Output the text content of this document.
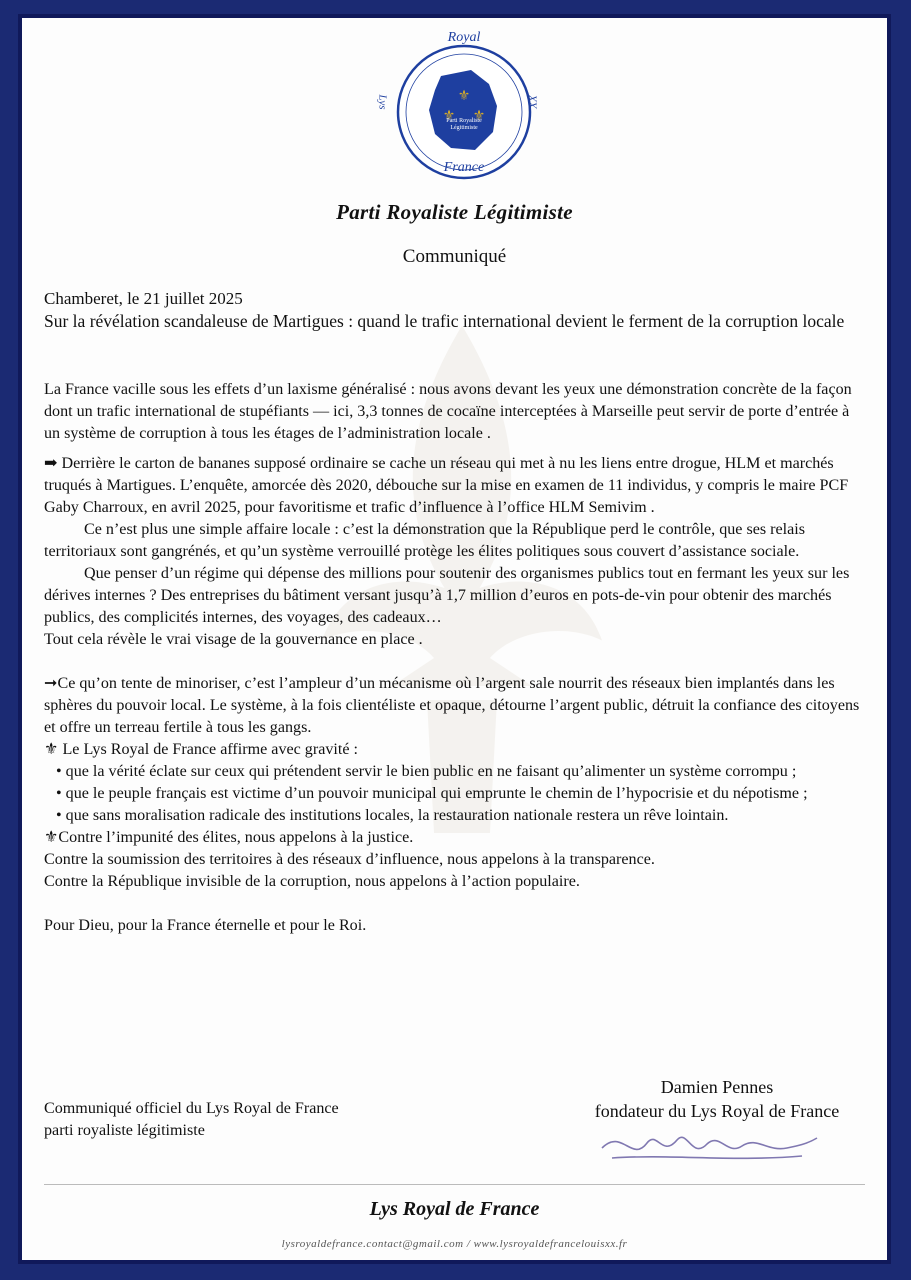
⚜
⚜ ⚜
Royal
France
Lys	XX
Parti Royaliste Légitimiste
Parti Royaliste Légitimiste
Communiqué

Chamberet, le 21 juillet 2025

Sur la révélation scandaleuse de Martigues : quand le trafic international devient le ferment de la corruption locale

La France vacille sous les effets d’un laxisme généralisé : nous avons devant les yeux une démonstration concrète de la façon dont un trafic international de stupéfiants — ici, 3,3 tonnes de cocaïne interceptées à Marseille peut servir de porte d’entrée à un système de corruption à tous les étages de l’administration locale .

➡ Derrière le carton de bananes supposé ordinaire se cache un réseau qui met à nu les liens entre drogue, HLM et marchés truqués à Martigues. L’enquête, amorcée dès 2020, débouche sur la mise en examen de 11 individus, y compris le maire PCF Gaby Charroux, en avril 2025, pour favoritisme et trafic d’influence à l’office HLM Semivim .

Ce n’est plus une simple affaire locale : c’est la démonstration que la République perd le contrôle, que ses relais territoriaux sont gangrénés, et qu’un système verrouillé protège les élites politiques sous couvert d’assistance sociale.

Que penser d’un régime qui dépense des millions pour soutenir des organismes publics tout en fermant les yeux sur les dérives internes ? Des entreprises du bâtiment versant jusqu’à 1,7 million d’euros en pots-de-vin pour obtenir des marchés publics, des complicités internes, des voyages, des cadeaux…

Tout cela révèle le vrai visage de la gouvernance en place .

➞Ce qu’on tente de minoriser, c’est l’ampleur d’un mécanisme où l’argent sale nourrit des réseaux bien implantés dans les sphères du pouvoir local. Le système, à la fois clientéliste et opaque, détourne l’argent public, détruit la confiance des citoyens et offre un terreau fertile à tous les gangs.

⚜ Le Lys Royal de France affirme avec gravité :

• que la vérité éclate sur ceux qui prétendent servir le bien public en ne faisant qu’alimenter un système corrompu ;

• que le peuple français est victime d’un pouvoir municipal qui emprunte le chemin de l’hypocrisie et du népotisme ;

• que sans moralisation radicale des institutions locales, la restauration nationale restera un rêve lointain.

⚜Contre l’impunité des élites, nous appelons à la justice.

Contre la soumission des territoires à des réseaux d’influence, nous appelons à la transparence.

Contre la République invisible de la corruption, nous appelons à l’action populaire.

Pour Dieu, pour la France éternelle et pour le Roi.

Communiqué officiel du Lys Royal de France
parti royaliste légitimiste
Damien Pennes
fondateur du Lys Royal de France
Lys Royal de France
lysroyaldefrance.contact@gmail.com / www.lysroyaldefrancelouisxx.fr
